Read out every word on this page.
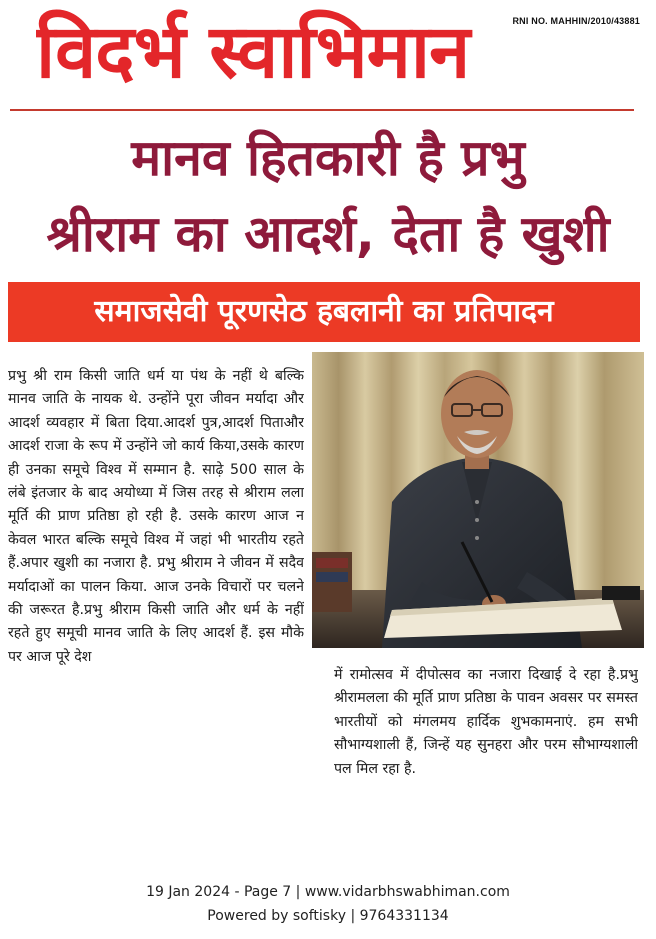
विदर्भ स्वाभिमान	RNI NO. MAHHIN/2010/43881
मानव हितकारी है प्रभु
श्रीराम का आदर्श, देता है खुशी
समाजसेवी पूरणसेठ हबलानी का प्रतिपादन
प्रभु श्री राम किसी जाति धर्म या पंथ के नहीं थे बल्कि मानव जाति के नायक थे. उन्होंने पूरा जीवन मर्यादा और आदर्श व्यवहार में बिता दिया.आदर्श पुत्र,आदर्श पिताऔर आदर्श राजा के रूप में उन्होंने जो कार्य किया,उसके कारण ही उनका समूचे विश्व में सम्मान है. साढ़े 500 साल के लंबे इंतजार के बाद अयोध्या में जिस तरह से श्रीराम लला मूर्ति की प्राण प्रतिष्ठा हो रही है. उसके कारण आज न केवल भारत बल्कि समूचे विश्व में जहां भी भारतीय रहते हैं.अपार खुशी का नजारा है. प्रभु श्रीराम ने जीवन में सदैव मर्यादाओं का पालन किया. आज उनके विचारों पर चलने की जरूरत है.प्रभु श्रीराम किसी जाति और धर्म के नहीं रहते हुए समूची मानव जाति के लिए आदर्श हैं. इस मौके पर आज पूरे देश
में रामोत्सव में दीपोत्सव का नजारा दिखाई दे रहा है.प्रभु श्रीरामलला की मूर्ति प्राण प्रतिष्ठा के पावन अवसर पर समस्त भारतीयों को मंगलमय हार्दिक शुभकामनाएं. हम सभी सौभाग्यशाली हैं, जिन्हें यह सुनहरा और परम सौभाग्यशाली पल मिल रहा है.
19 Jan 2024 - Page 7 | www.vidarbhswabhiman.com
Powered by softisky | 9764331134
